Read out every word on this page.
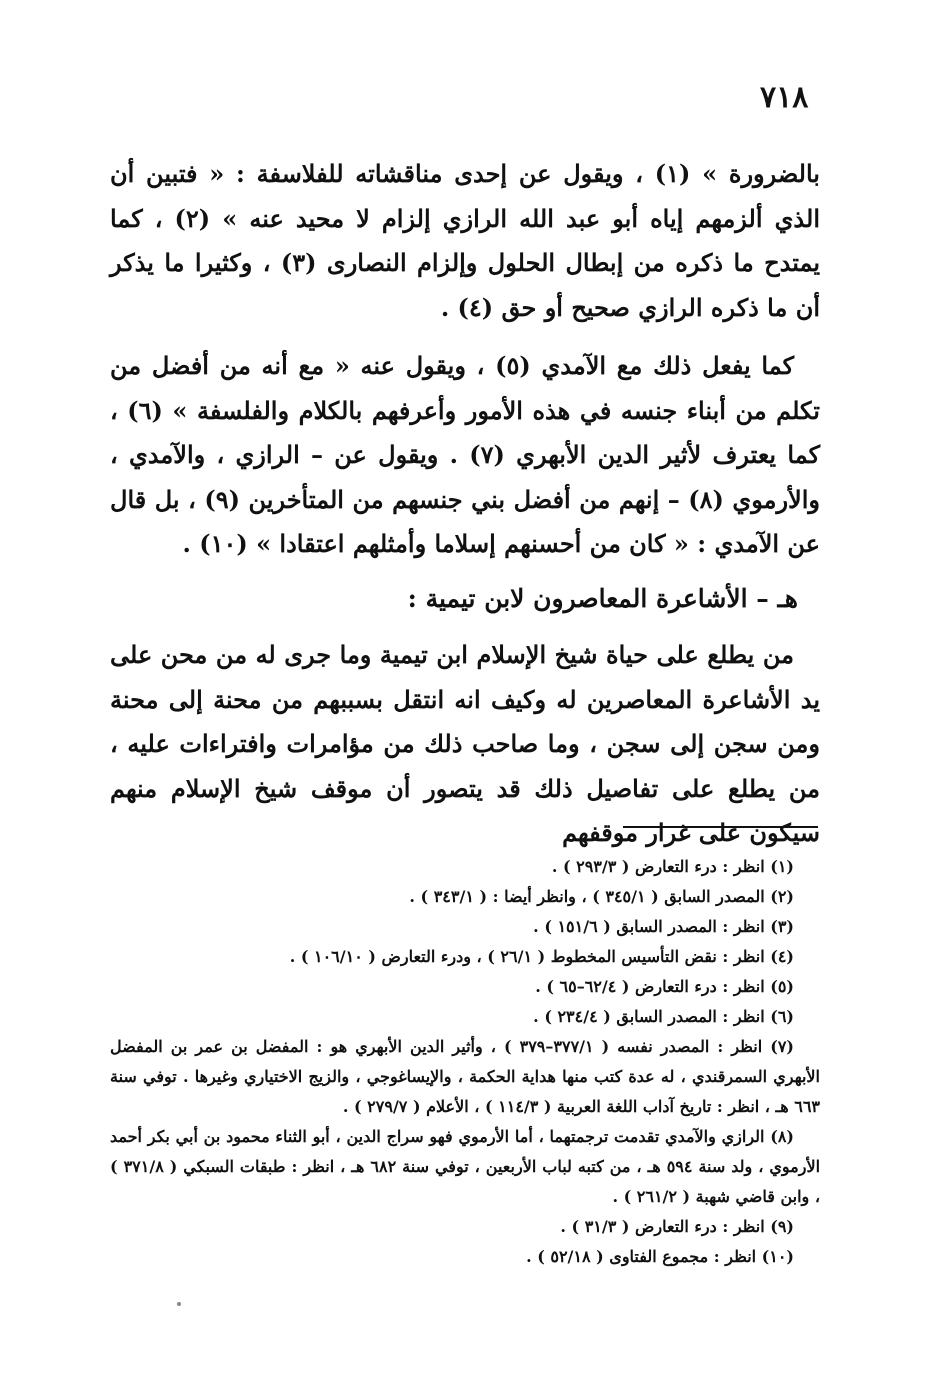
٧١٨

بالضرورة » (١) ، ويقول عن إحدى مناقشاته للفلاسفة : « فتبين أن الذي ألزمهم إياه أبو عبد الله الرازي إلزام لا محيد عنه » (٢) ، كما يمتدح ما ذكره من إبطال الحلول وإلزام النصارى (٣) ، وكثيرا ما يذكر أن ما ذكره الرازي صحيح أو حق (٤) .

كما يفعل ذلك مع الآمدي (٥) ، ويقول عنه « مع أنه من أفضل من تكلم من أبناء جنسه في هذه الأمور وأعرفهم بالكلام والفلسفة » (٦) ، كما يعترف لأثير الدين الأبهري (٧) . ويقول عن – الرازي ، والآمدي ، والأرموي (٨) – إنهم من أفضل بني جنسهم من المتأخرين (٩) ، بل قال عن الآمدي : « كان من أحسنهم إسلاما وأمثلهم اعتقادا » (١٠) .

هـ – الأشاعرة المعاصرون لابن تيمية :

من يطلع على حياة شيخ الإسلام ابن تيمية وما جرى له من محن على يد الأشاعرة المعاصرين له وكيف انه انتقل بسببهم من محنة إلى محنة ومن سجن إلى سجن ، وما صاحب ذلك من مؤامرات وافتراءات عليه ، من يطلع على تفاصيل ذلك قد يتصور أن موقف شيخ الإسلام منهم سيكون على غرار موقفهم

(١) انظر : درء التعارض ( ٢٩٣/٣ ) .

(٢) المصدر السابق ( ٣٤٥/١ ) ، وانظر أيضا : ( ٣٤٣/١ ) .

(٣) انظر : المصدر السابق ( ١٥١/٦ ) .

(٤) انظر : نقض التأسيس المخطوط ( ٢٦/١ ) ، ودرء التعارض ( ١٠٦/١٠ ) .

(٥) انظر : درء التعارض ( ٦٢/٤–٦٥ ) .

(٦) انظر : المصدر السابق ( ٢٣٤/٤ ) .

(٧) انظر : المصدر نفسه ( ٣٧٧/١–٣٧٩ ) ، وأثير الدين الأبهري هو : المفضل بن عمر بن المفضل الأبهري السمرقندي ، له عدة كتب منها هداية الحكمة ، والإيساغوجي ، والزيج الاختياري وغيرها . توفي سنة ٦٦٣ هـ ، انظر : تاريخ آداب اللغة العربية ( ١١٤/٣ ) ، الأعلام ( ٢٧٩/٧ ) .

(٨) الرازي والآمدي تقدمت ترجمتهما ، أما الأرموي فهو سراج الدين ، أبو الثناء محمود بن أبي بكر أحمد الأرموي ، ولد سنة ٥٩٤ هـ ، من كتبه لباب الأربعين ، توفي سنة ٦٨٢ هـ ، انظر : طبقات السبكي ( ٣٧١/٨ ) ، وابن قاضي شهبة ( ٢٦١/٢ ) .

(٩) انظر : درء التعارض ( ٣١/٣ ) .

(١٠) انظر : مجموع الفتاوى ( ٥٢/١٨ ) .
